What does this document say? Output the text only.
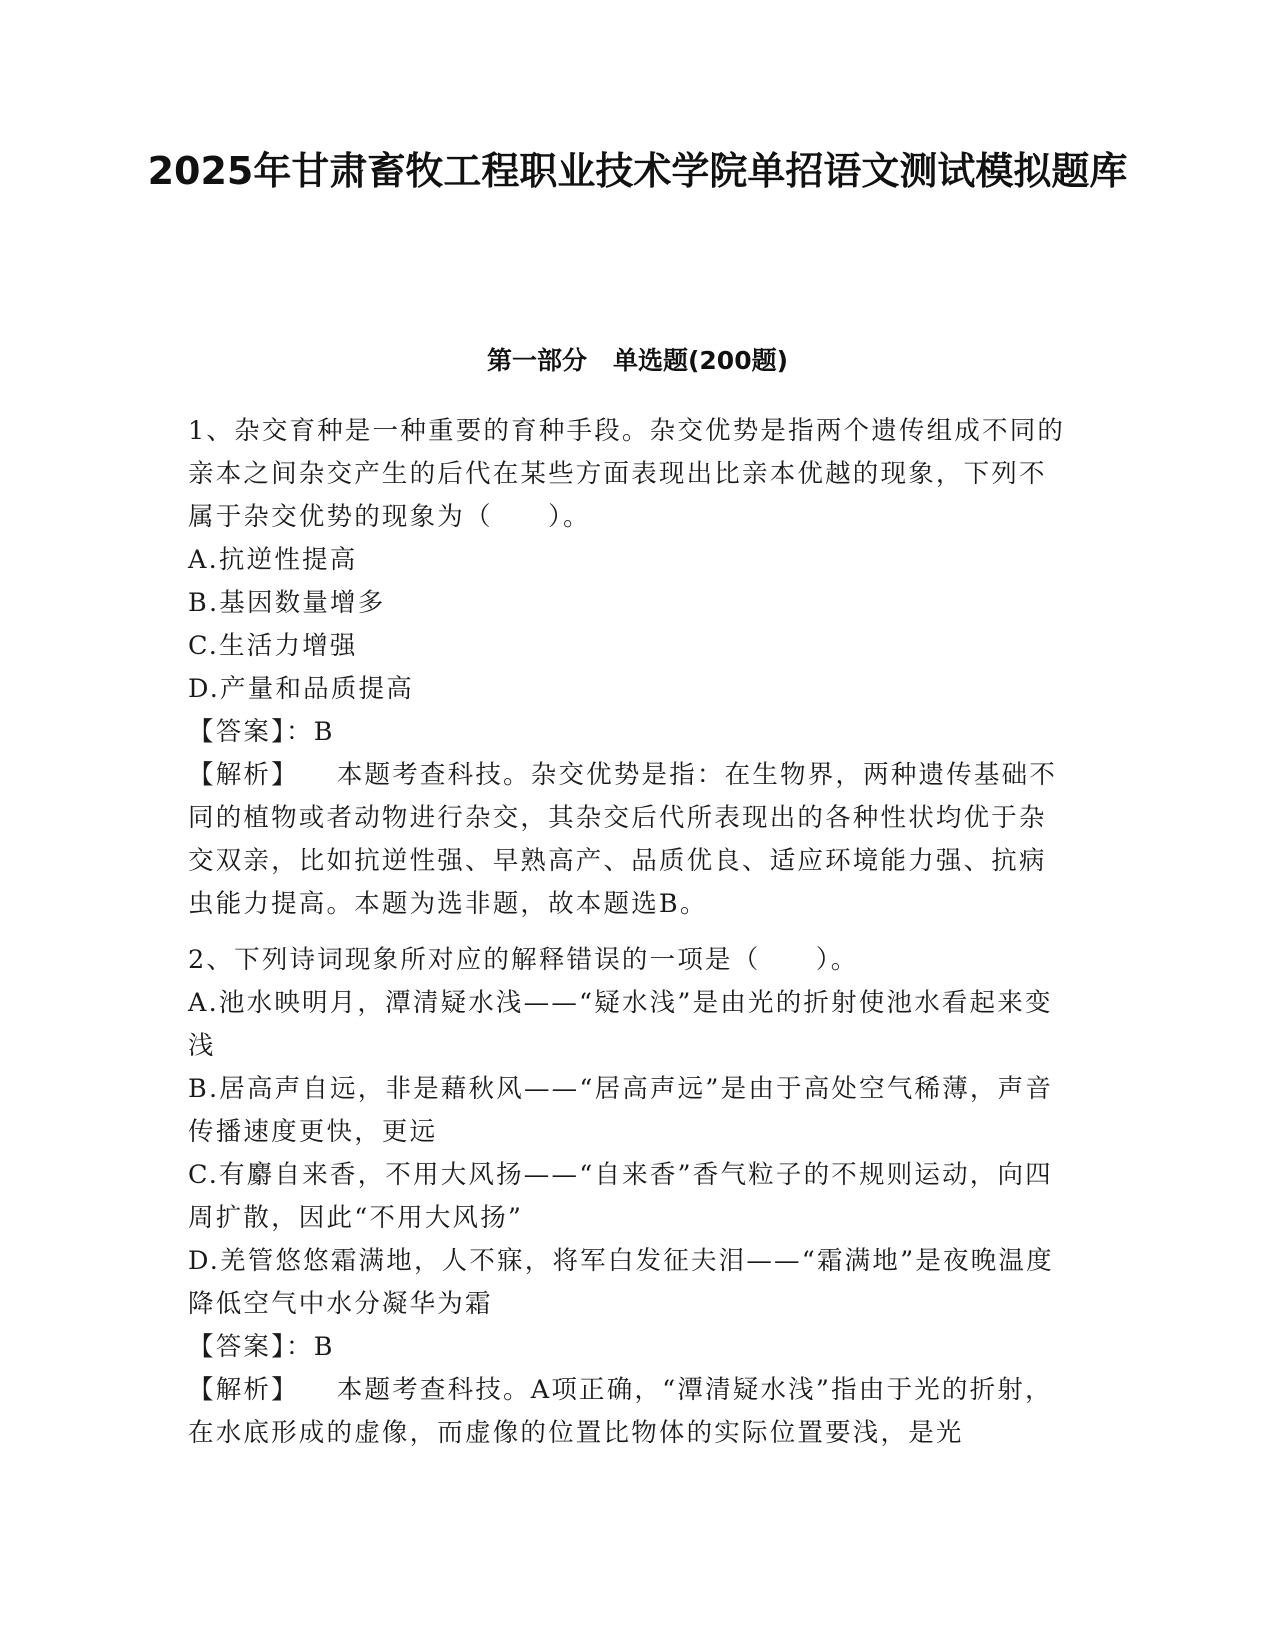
2025年甘肃畜牧工程职业技术学院单招语文测试模拟题库
第一部分 单选题(200题)

1、杂交育种是一种重要的育种手段。杂交优势是指两个遗传组成不同的亲本之间杂交产生的后代在某些方面表现出比亲本优越的现象，下列不属于杂交优势的现象为（　　）。

A.抗逆性提高

B.基因数量增多

C.生活力增强

D.产量和品质提高

【答案】：B

【解析】 本题考查科技。杂交优势是指：在生物界，两种遗传基础不同的植物或者动物进行杂交，其杂交后代所表现出的各种性状均优于杂交双亲，比如抗逆性强、早熟高产、品质优良、适应环境能力强、抗病虫能力提高。本题为选非题，故本题选B。

2、下列诗词现象所对应的解释错误的一项是（　　）。

A.池水映明月，潭清疑水浅——“疑水浅”是由光的折射使池水看起来变浅

B.居高声自远，非是藉秋风——“居高声远”是由于高处空气稀薄，声音传播速度更快，更远

C.有麝自来香，不用大风扬——“自来香”香气粒子的不规则运动，向四周扩散，因此“不用大风扬”

D.羌管悠悠霜满地，人不寐，将军白发征夫泪——“霜满地”是夜晚温度降低空气中水分凝华为霜

【答案】：B

【解析】 本题考查科技。A项正确，“潭清疑水浅”指由于光的折射，在水底形成的虚像，而虚像的位置比物体的实际位置要浅，是光
